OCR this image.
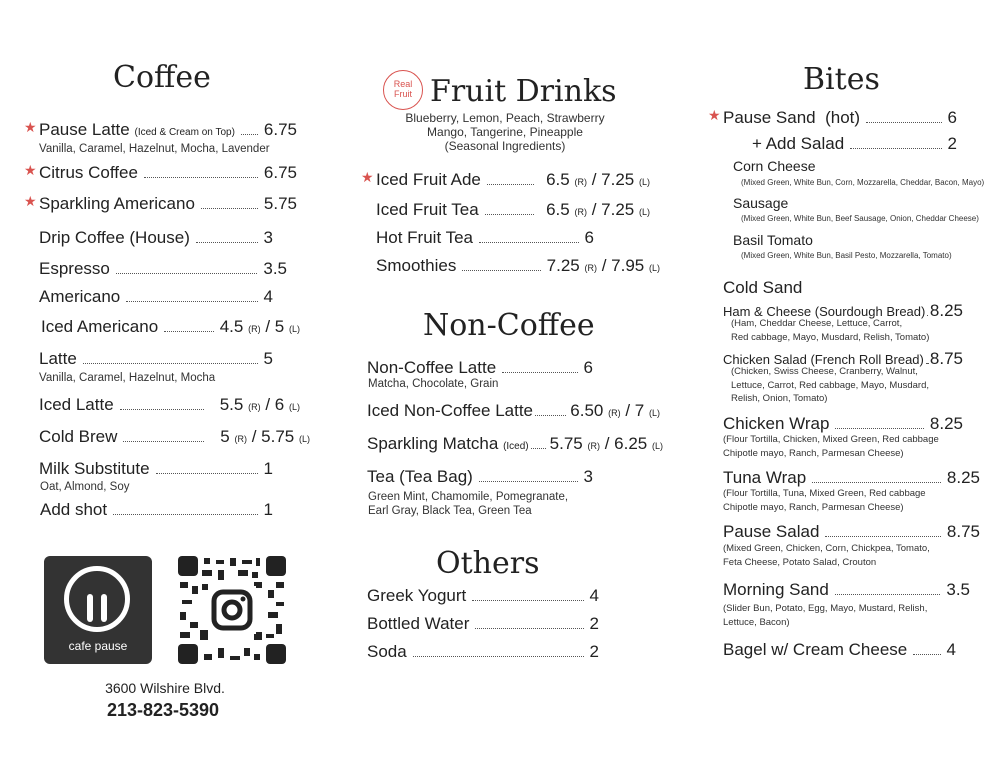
Coffee
★ Pause Latte (Iced & Cream on Top) 6.75
Vanilla, Caramel, Hazelnut, Mocha, Lavender
★ Citrus Coffee	6.75
★ Sparkling Americano	5.75
Drip Coffee (House)	3
Espresso	3.5
Americano	4
Iced Americano	4.5 (R) / 5 (L)
Latte	5
Vanilla, Caramel, Hazelnut, Mocha
Iced Latte	5.5 (R) / 6 (L)
Cold Brew	5 (R) / 5.75 (L)
Milk Substitute	1
Oat, Almond, Soy
Add shot	1
cafe pause
3600 Wilshire Blvd.
213-823-5390
Real
Fruit Fruit Drinks
Blueberry, Lemon, Peach, Strawberry
Mango, Tangerine, Pineapple
(Seasonal Ingredients)
★ Iced Fruit Ade	6.5 (R) / 7.25 (L)
Iced Fruit Tea	6.5 (R) / 7.25 (L)
Hot Fruit Tea	6
Smoothies	7.25 (R) / 7.95 (L)
Non-Coffee
Non-Coffee Latte	6
Matcha, Chocolate, Grain
Iced Non-Coffee Latte 6.50 (R) / 7 (L)
Sparkling Matcha (Iced) 5.75 (R) / 6.25 (L)
Tea (Tea Bag)	3
Green Mint, Chamomile, Pomegranate,
Earl Gray, Black Tea, Green Tea
Others
Greek Yogurt	4
Bottled Water	2
Soda	2
Bites
★ Pause Sand (hot)	6
+ Add Salad	2
Corn Cheese
(Mixed Green, White Bun, Corn, Mozzarella, Cheddar, Bacon, Mayo)
Sausage
(Mixed Green, White Bun, Beef Sausage, Onion, Cheddar Cheese)
Basil Tomato
(Mixed Green, White Bun, Basil Pesto, Mozzarella, Tomato)
Cold Sand
Ham & Cheese (Sourdough Bread) 8.25
(Ham, Cheddar Cheese, Lettuce, Carrot,
Red cabbage, Mayo, Musdard, Relish, Tomato)
Chicken Salad (French Roll Bread) 8.75
(Chicken, Swiss Cheese, Cranberry, Walnut,
Lettuce, Carrot, Red cabbage, Mayo, Musdard,
Relish, Onion, Tomato)
Chicken Wrap	8.25
(Flour Tortilla, Chicken, Mixed Green, Red cabbage
Chipotle mayo, Ranch, Parmesan Cheese)
Tuna Wrap	8.25
(Flour Tortilla, Tuna, Mixed Green, Red cabbage
Chipotle mayo, Ranch, Parmesan Cheese)
Pause Salad	8.75
(Mixed Green, Chicken, Corn, Chickpea, Tomato,
Feta Cheese, Potato Salad, Crouton
Morning Sand	3.5
(Slider Bun, Potato, Egg, Mayo, Mustard, Relish,
Lettuce, Bacon)
Bagel w/ Cream Cheese 4
